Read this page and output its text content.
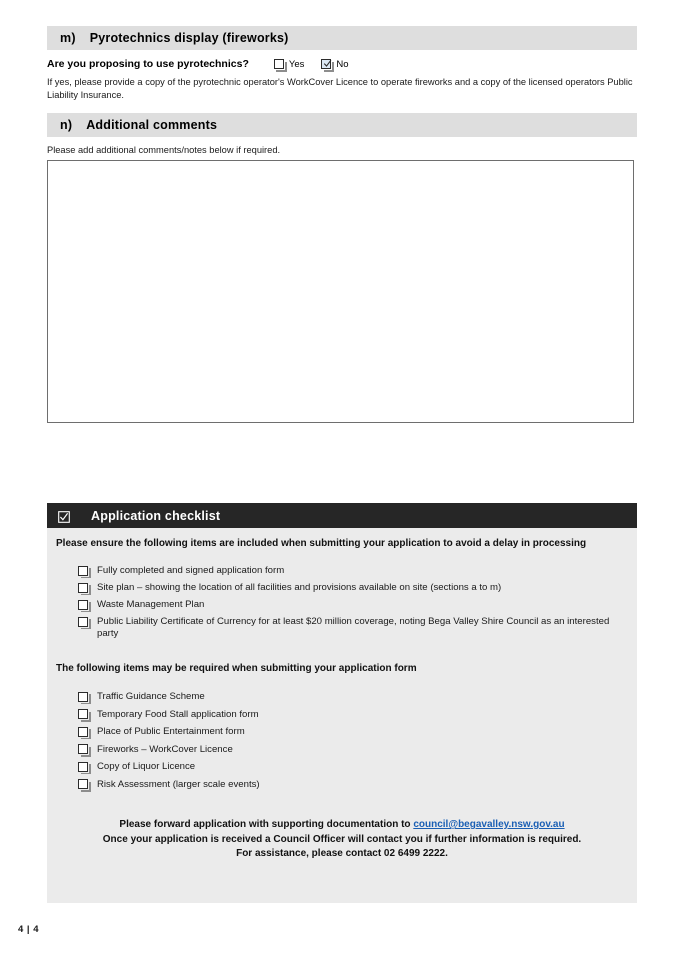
m) Pyrotechnics display (fireworks)
Are you proposing to use pyrotechnics?	Yes	No
If yes, please provide a copy of the pyrotechnic operator's WorkCover Licence to operate fireworks and a copy of the licensed operators Public Liability Insurance.
n) Additional comments
Please add additional comments/notes below if required.
Application checklist
Please ensure the following items are included when submitting your application to avoid a delay in processing
Fully completed and signed application form
Site plan – showing the location of all facilities and provisions available on site (sections a to m)
Waste Management Plan
Public Liability Certificate of Currency for at least $20 million coverage, noting Bega Valley Shire Council as an interested party
The following items may be required when submitting your application form
Traffic Guidance Scheme
Temporary Food Stall application form
Place of Public Entertainment form
Fireworks – WorkCover Licence
Copy of Liquor Licence
Risk Assessment (larger scale events)
Please forward application with supporting documentation to council@begavalley.nsw.gov.au
Once your application is received a Council Officer will contact you if further information is required.
For assistance, please contact 02 6499 2222.
4 | 4
